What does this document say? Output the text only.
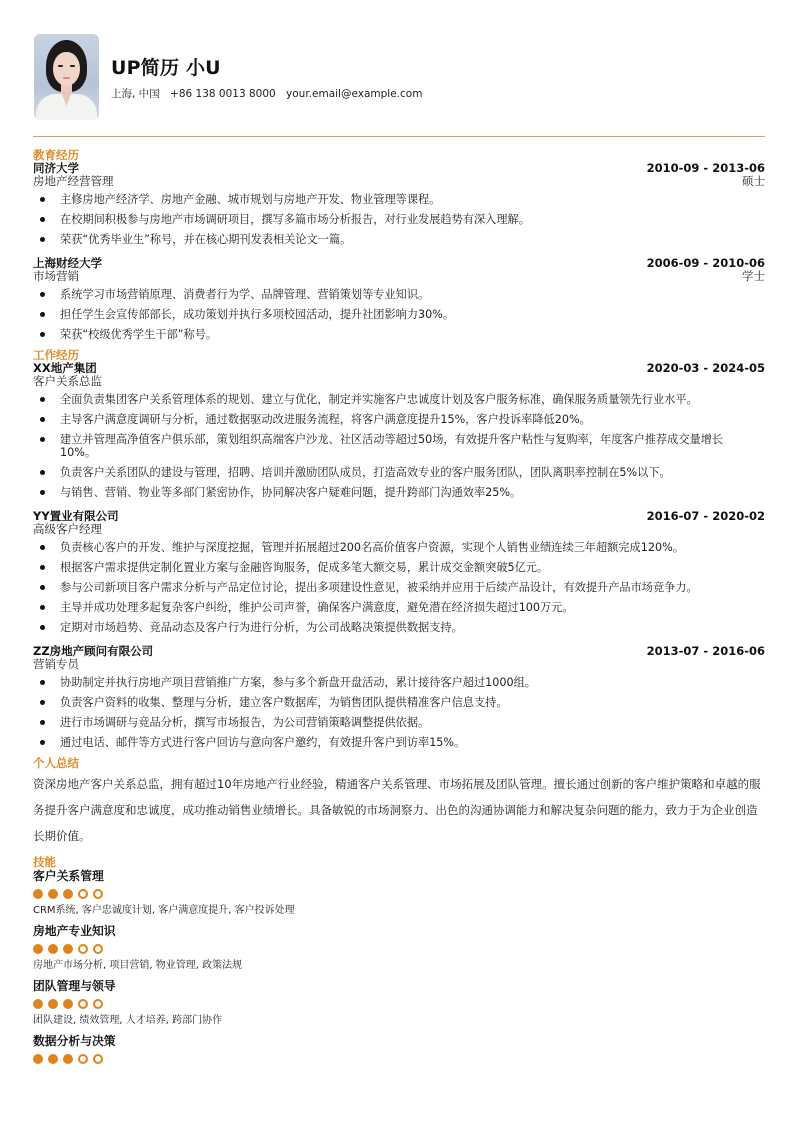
UP简历 小U
上海, 中国 +86 138 0013 8000 your.email@example.com
教育经历
同济大学	2010-09 - 2013-06
房地产经营管理	硕士
主修房地产经济学、房地产金融、城市规划与房地产开发、物业管理等课程。
在校期间积极参与房地产市场调研项目，撰写多篇市场分析报告，对行业发展趋势有深入理解。
荣获“优秀毕业生”称号，并在核心期刊发表相关论文一篇。
上海财经大学	2006-09 - 2010-06
市场营销	学士
系统学习市场营销原理、消费者行为学、品牌管理、营销策划等专业知识。
担任学生会宣传部部长，成功策划并执行多项校园活动，提升社团影响力30%。
荣获“校级优秀学生干部”称号。
工作经历
XX地产集团	2020-03 - 2024-05
客户关系总监
全面负责集团客户关系管理体系的规划、建立与优化，制定并实施客户忠诚度计划及客户服务标准，确保服务质量领先行业水平。
主导客户满意度调研与分析，通过数据驱动改进服务流程，将客户满意度提升15%，客户投诉率降低20%。
建立并管理高净值客户俱乐部，策划组织高端客户沙龙、社区活动等超过50场，有效提升客户粘性与复购率，年度客户推荐成交量增长10%。
负责客户关系团队的建设与管理，招聘、培训并激励团队成员，打造高效专业的客户服务团队，团队离职率控制在5%以下。
与销售、营销、物业等多部门紧密协作，协同解决客户疑难问题，提升跨部门沟通效率25%。
YY置业有限公司	2016-07 - 2020-02
高级客户经理
负责核心客户的开发、维护与深度挖掘，管理并拓展超过200名高价值客户资源，实现个人销售业绩连续三年超额完成120%。
根据客户需求提供定制化置业方案与金融咨询服务，促成多笔大额交易，累计成交金额突破5亿元。
参与公司新项目客户需求分析与产品定位讨论，提出多项建设性意见，被采纳并应用于后续产品设计，有效提升产品市场竞争力。
主导并成功处理多起复杂客户纠纷，维护公司声誉，确保客户满意度，避免潜在经济损失超过100万元。
定期对市场趋势、竞品动态及客户行为进行分析，为公司战略决策提供数据支持。
ZZ房地产顾问有限公司	2013-07 - 2016-06
营销专员
协助制定并执行房地产项目营销推广方案，参与多个新盘开盘活动，累计接待客户超过1000组。
负责客户资料的收集、整理与分析，建立客户数据库，为销售团队提供精准客户信息支持。
进行市场调研与竞品分析，撰写市场报告，为公司营销策略调整提供依据。
通过电话、邮件等方式进行客户回访与意向客户邀约，有效提升客户到访率15%。
个人总结
资深房地产客户关系总监，拥有超过10年房地产行业经验，精通客户关系管理、市场拓展及团队管理。擅长通过创新的客户维护策略和卓越的服务提升客户满意度和忠诚度，成功推动销售业绩增长。具备敏锐的市场洞察力、出色的沟通协调能力和解决复杂问题的能力，致力于为企业创造长期价值。
技能
客户关系管理
CRM系统, 客户忠诚度计划, 客户满意度提升, 客户投诉处理
房地产专业知识
房地产市场分析, 项目营销, 物业管理, 政策法规
团队管理与领导
团队建设, 绩效管理, 人才培养, 跨部门协作
数据分析与决策
